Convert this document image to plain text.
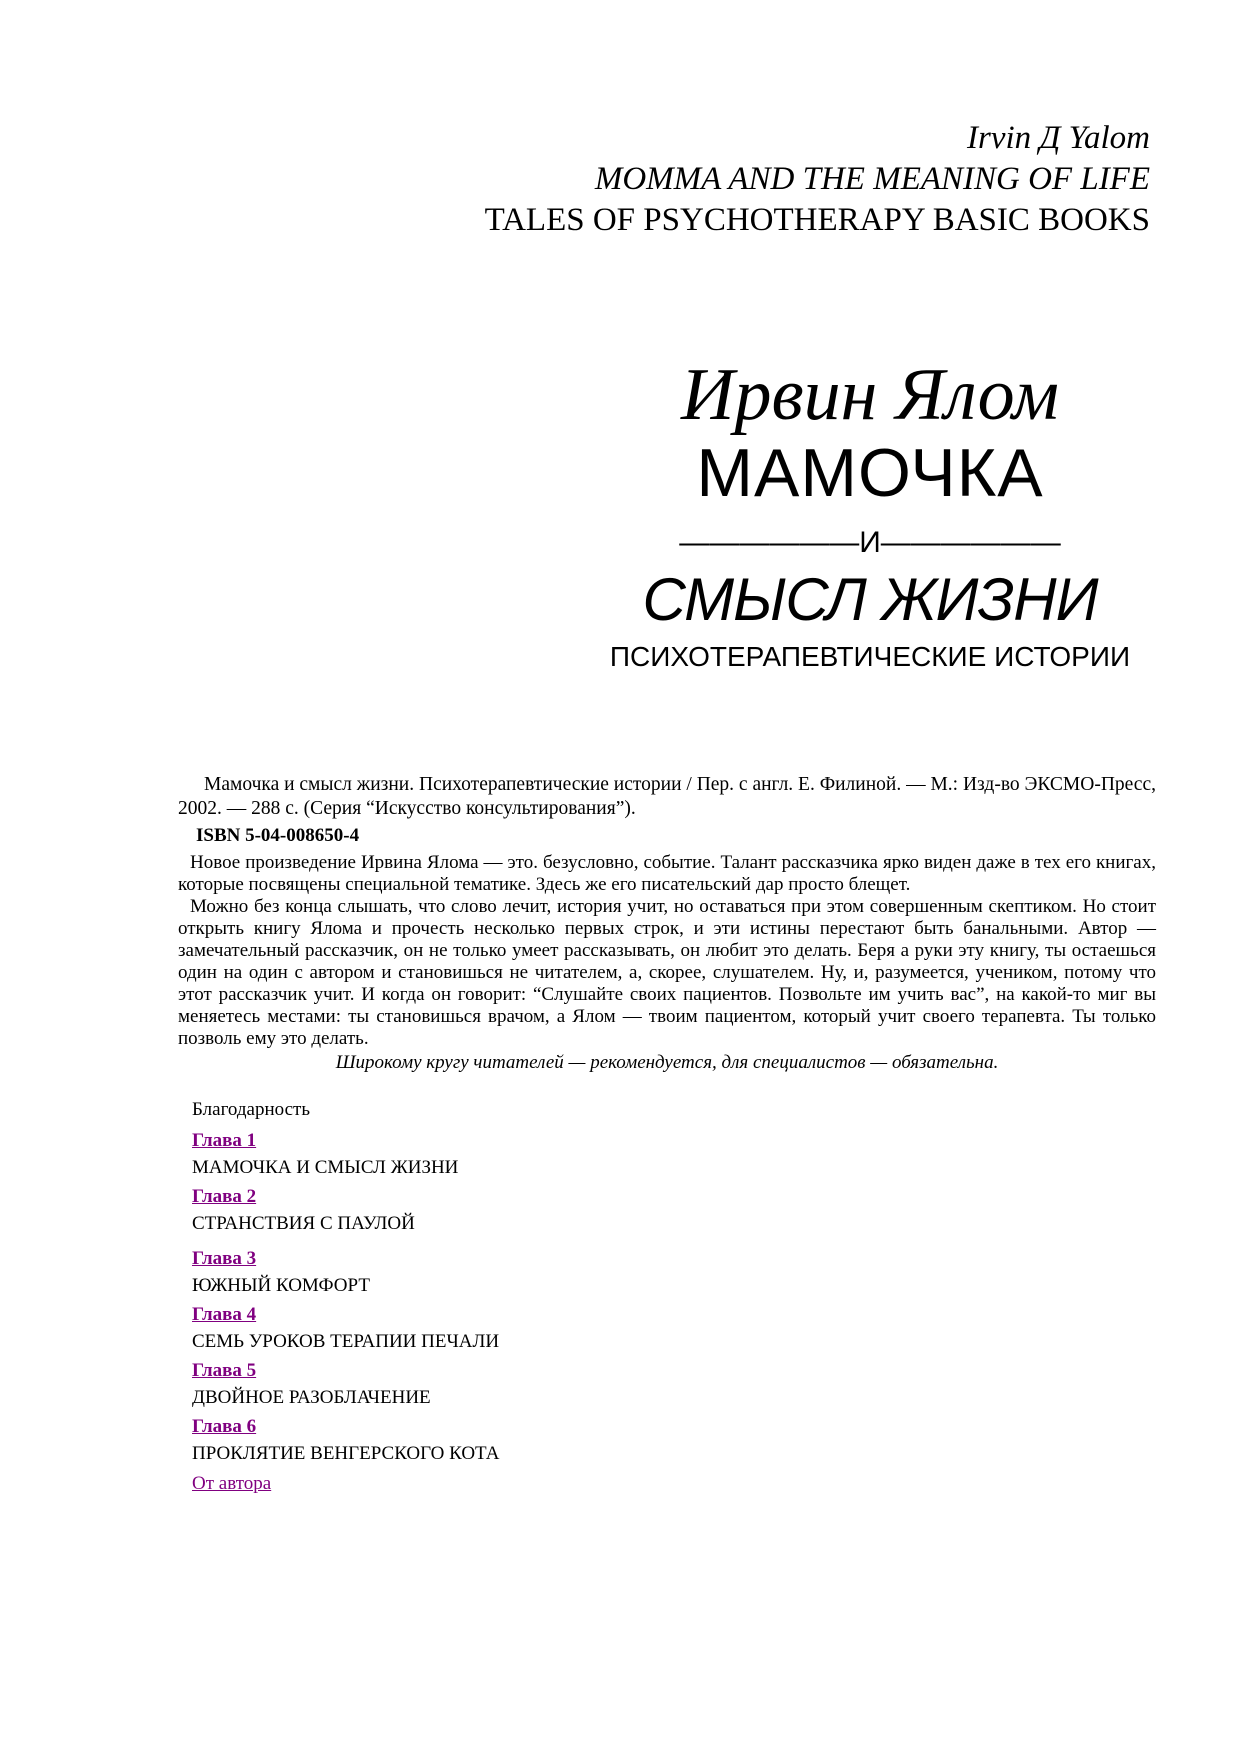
Irvin Д Yalom
MOMMA AND THE MEANING OF LIFE
TALES OF PSYCHOTHERAPY BASIC BOOKS
Ирвин Ялом
МАМОЧКА
——————И——————
СМЫСЛ ЖИЗНИ
ПСИХОТЕРАПЕВТИЧЕСКИЕ ИСТОРИИ

Мамочка и смысл жизни. Психотерапевтические истории / Пер. с англ. Е. Филиной. — М.: Изд-во ЭКСМО-Пресс, 2002. — 288 с. (Серия “Искусство консультирования”).

ISBN 5-04-008650-4

Новое произведение Ирвина Ялома — это. безусловно, событие. Талант рассказчика ярко виден даже в тех его книгах, которые посвящены специальной тематике. Здесь же его писательский дар просто блещет.

Можно без конца слышать, что слово лечит, история учит, но оставаться при этом совершенным скептиком. Но стоит открыть книгу Ялома и прочесть несколько первых строк, и эти истины перестают быть банальными. Автор — замечательный рассказчик, он не только умеет рассказывать, он любит это делать. Беря а руки эту книгу, ты остаешься один на один с автором и становишься не читателем, а, скорее, слушателем. Ну, и, разумеется, учеником, потому что этот рассказчик учит. И когда он говорит: “Слушайте своих пациентов. Позвольте им учить вас”, на какой-то миг вы меняетесь местами: ты становишься врачом, а Ялом — твоим пациентом, который учит своего терапевта. Ты только позволь ему это делать.

Широкому кругу читателей — рекомендуется, для специалистов — обязательна.
Благодарность
Глава 1
МАМОЧКА И СМЫСЛ ЖИЗНИ
Глава 2
СТРАНСТВИЯ С ПАУЛОЙ
Глава 3
ЮЖНЫЙ КОМФОРТ
Глава 4
СЕМЬ УРОКОВ ТЕРАПИИ ПЕЧАЛИ
Глава 5
ДВОЙНОЕ РАЗОБЛАЧЕНИЕ
Глава 6
ПРОКЛЯТИЕ ВЕНГЕРСКОГО КОТА
От автора
